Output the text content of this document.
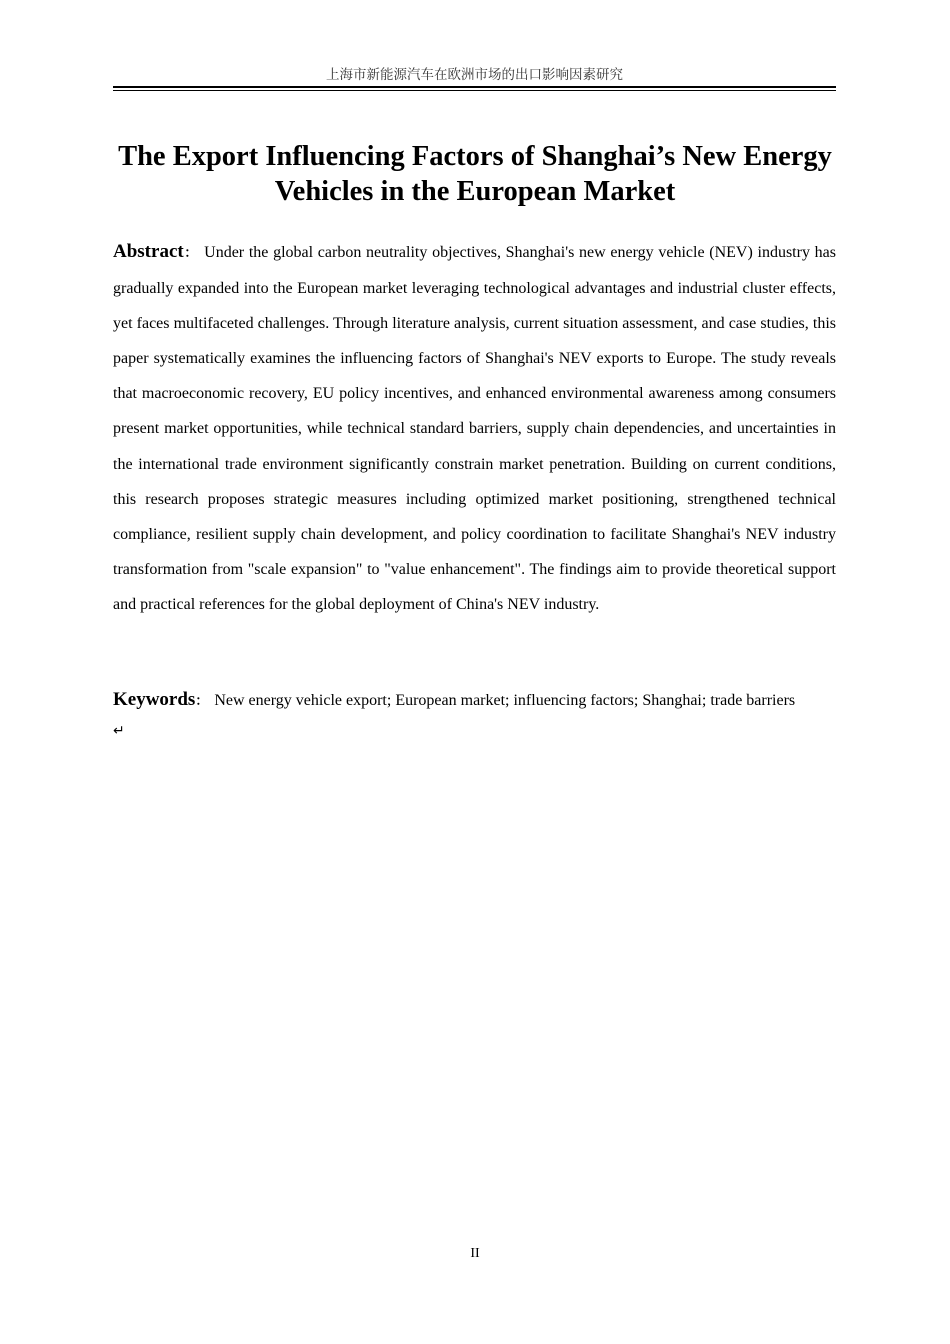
上海市新能源汽车在欧洲市场的出口影响因素研究
The Export Influencing Factors of Shanghai’s New Energy Vehicles in the European Market

Abstract： Under the global carbon neutrality objectives, Shanghai's new energy vehicle (NEV) industry has gradually expanded into the European market leveraging technological advantages and industrial cluster effects, yet faces multifaceted challenges. Through literature analysis, current situation assessment, and case studies, this paper systematically examines the influencing factors of Shanghai's NEV exports to Europe. The study reveals that macroeconomic recovery, EU policy incentives, and enhanced environmental awareness among consumers present market opportunities, while technical standard barriers, supply chain dependencies, and uncertainties in the international trade environment significantly constrain market penetration. Building on current conditions, this research proposes strategic measures including optimized market positioning, strengthened technical compliance, resilient supply chain development, and policy coordination to facilitate Shanghai's NEV industry transformation from "scale expansion" to "value enhancement". The findings aim to provide theoretical support and practical references for the global deployment of China's NEV industry.

Keywords： New energy vehicle export; European market; influencing factors; Shanghai; trade barriers

↵
II
